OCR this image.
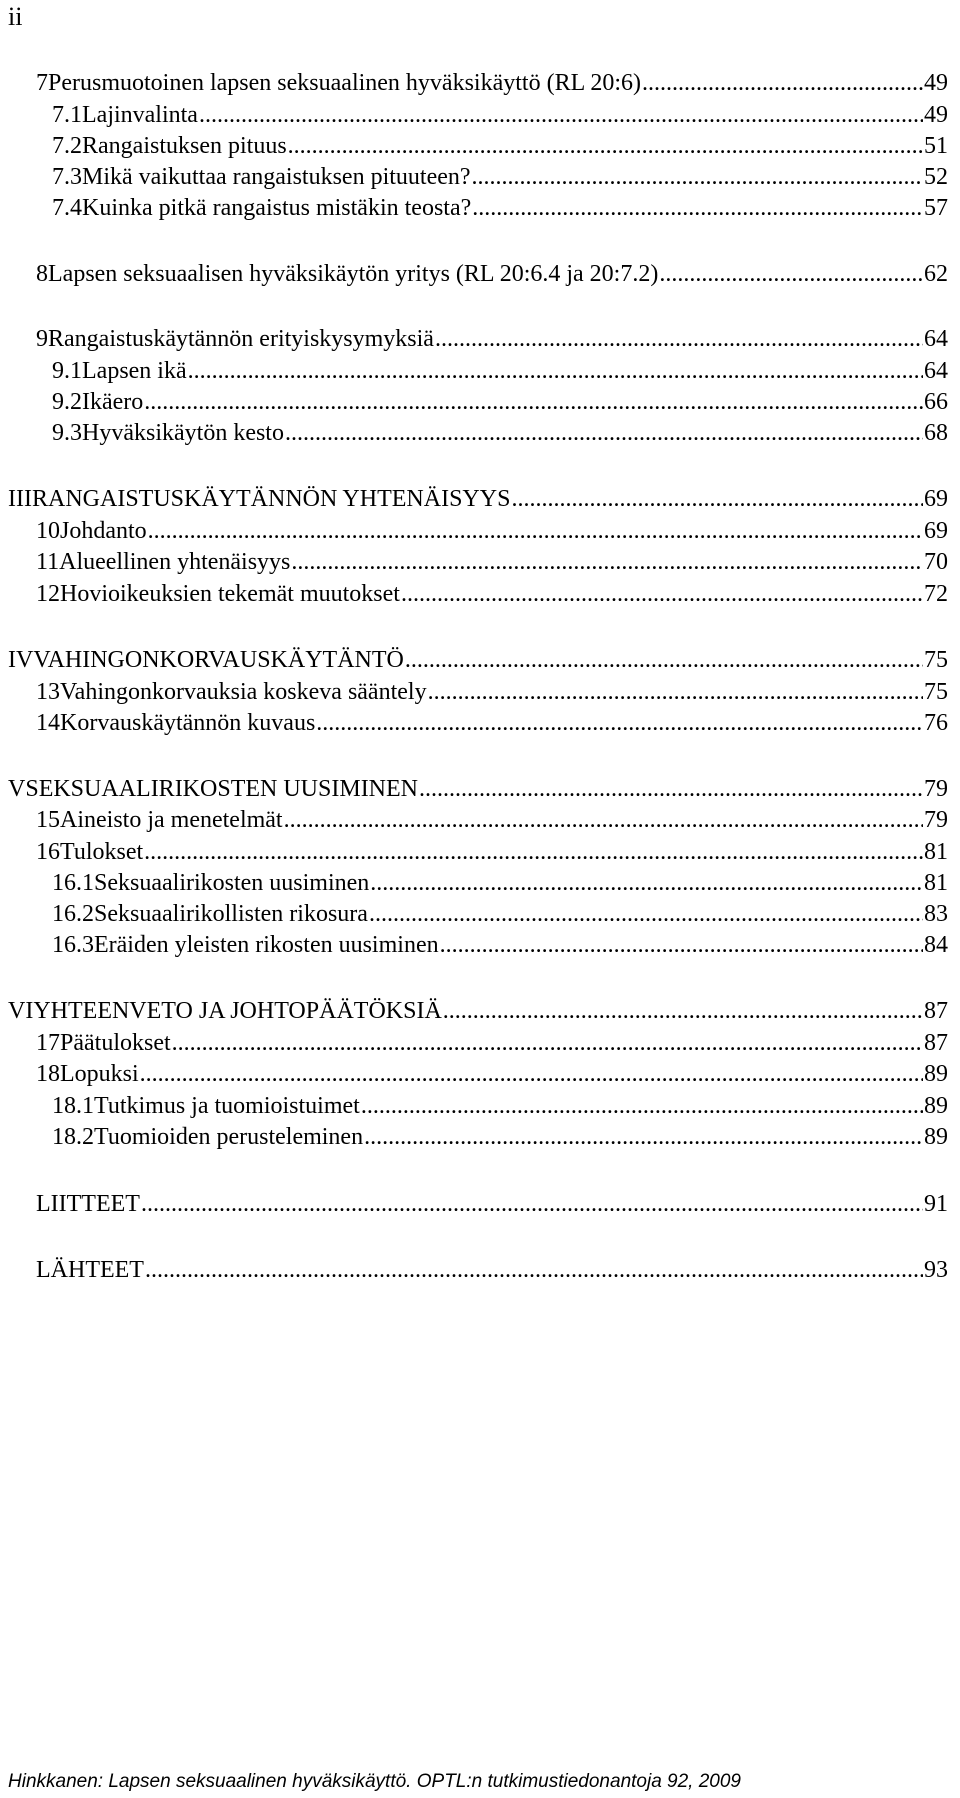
ii
7 Perusmuotoinen lapsen seksuaalinen hyväksikäyttö (RL 20:6) .....	49
7.1 Lajinvalinta .....	49
7.2 Rangaistuksen pituus .....	51
7.3 Mikä vaikuttaa rangaistuksen pituuteen? .....	52
7.4 Kuinka pitkä rangaistus mistäkin teosta? .....	57
8 Lapsen seksuaalisen hyväksikäytön yritys (RL 20:6.4 ja 20:7.2) .....	62
9 Rangaistuskäytännön erityiskysymyksiä .....	64
9.1 Lapsen ikä .....	64
9.2 Ikäero .....	66
9.3 Hyväksikäytön kesto .....	68
III RANGAISTUSKÄYTÄNNÖN YHTENÄISYYS .....	69
10 Johdanto .....	69
11 Alueellinen yhtenäisyys .....	70
12 Hovioikeuksien tekemät muutokset .....	72
IV VAHINGONKORVAUSKÄYTÄNTÖ .....	75
13 Vahingonkorvauksia koskeva sääntely .....	75
14 Korvauskäytännön kuvaus .....	76
V SEKSUAALIRIKOSTEN UUSIMINEN .....	79
15 Aineisto ja menetelmät .....	79
16 Tulokset .....	81
16.1 Seksuaalirikosten uusiminen .....	81
16.2 Seksuaalirikollisten rikosura .....	83
16.3 Eräiden yleisten rikosten uusiminen .....	84
VI YHTEENVETO JA JOHTOPÄÄTÖKSIÄ .....	87
17 Päätulokset .....	87
18 Lopuksi .....	89
18.1 Tutkimus ja tuomioistuimet .....	89
18.2 Tuomioiden perusteleminen .....	89
LIITTEET .....	91
LÄHTEET .....	93
Hinkkanen: Lapsen seksuaalinen hyväksikäyttö. OPTL:n tutkimustiedonantoja 92, 2009
